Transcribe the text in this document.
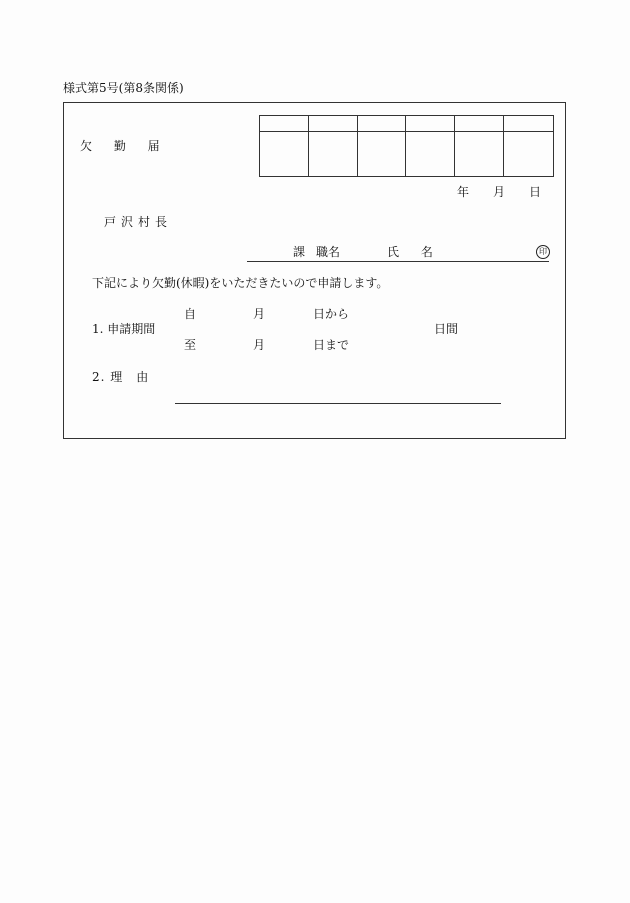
様式第5号(第8条関係)
欠 勤 届
年 月 日
戸沢村長
課 職名	氏 名	印
下記により欠勤(休暇)をいただきたいので申請します。
自	月	日から
1. 申請期間	日間
至	月	日まで
2. 理　由
